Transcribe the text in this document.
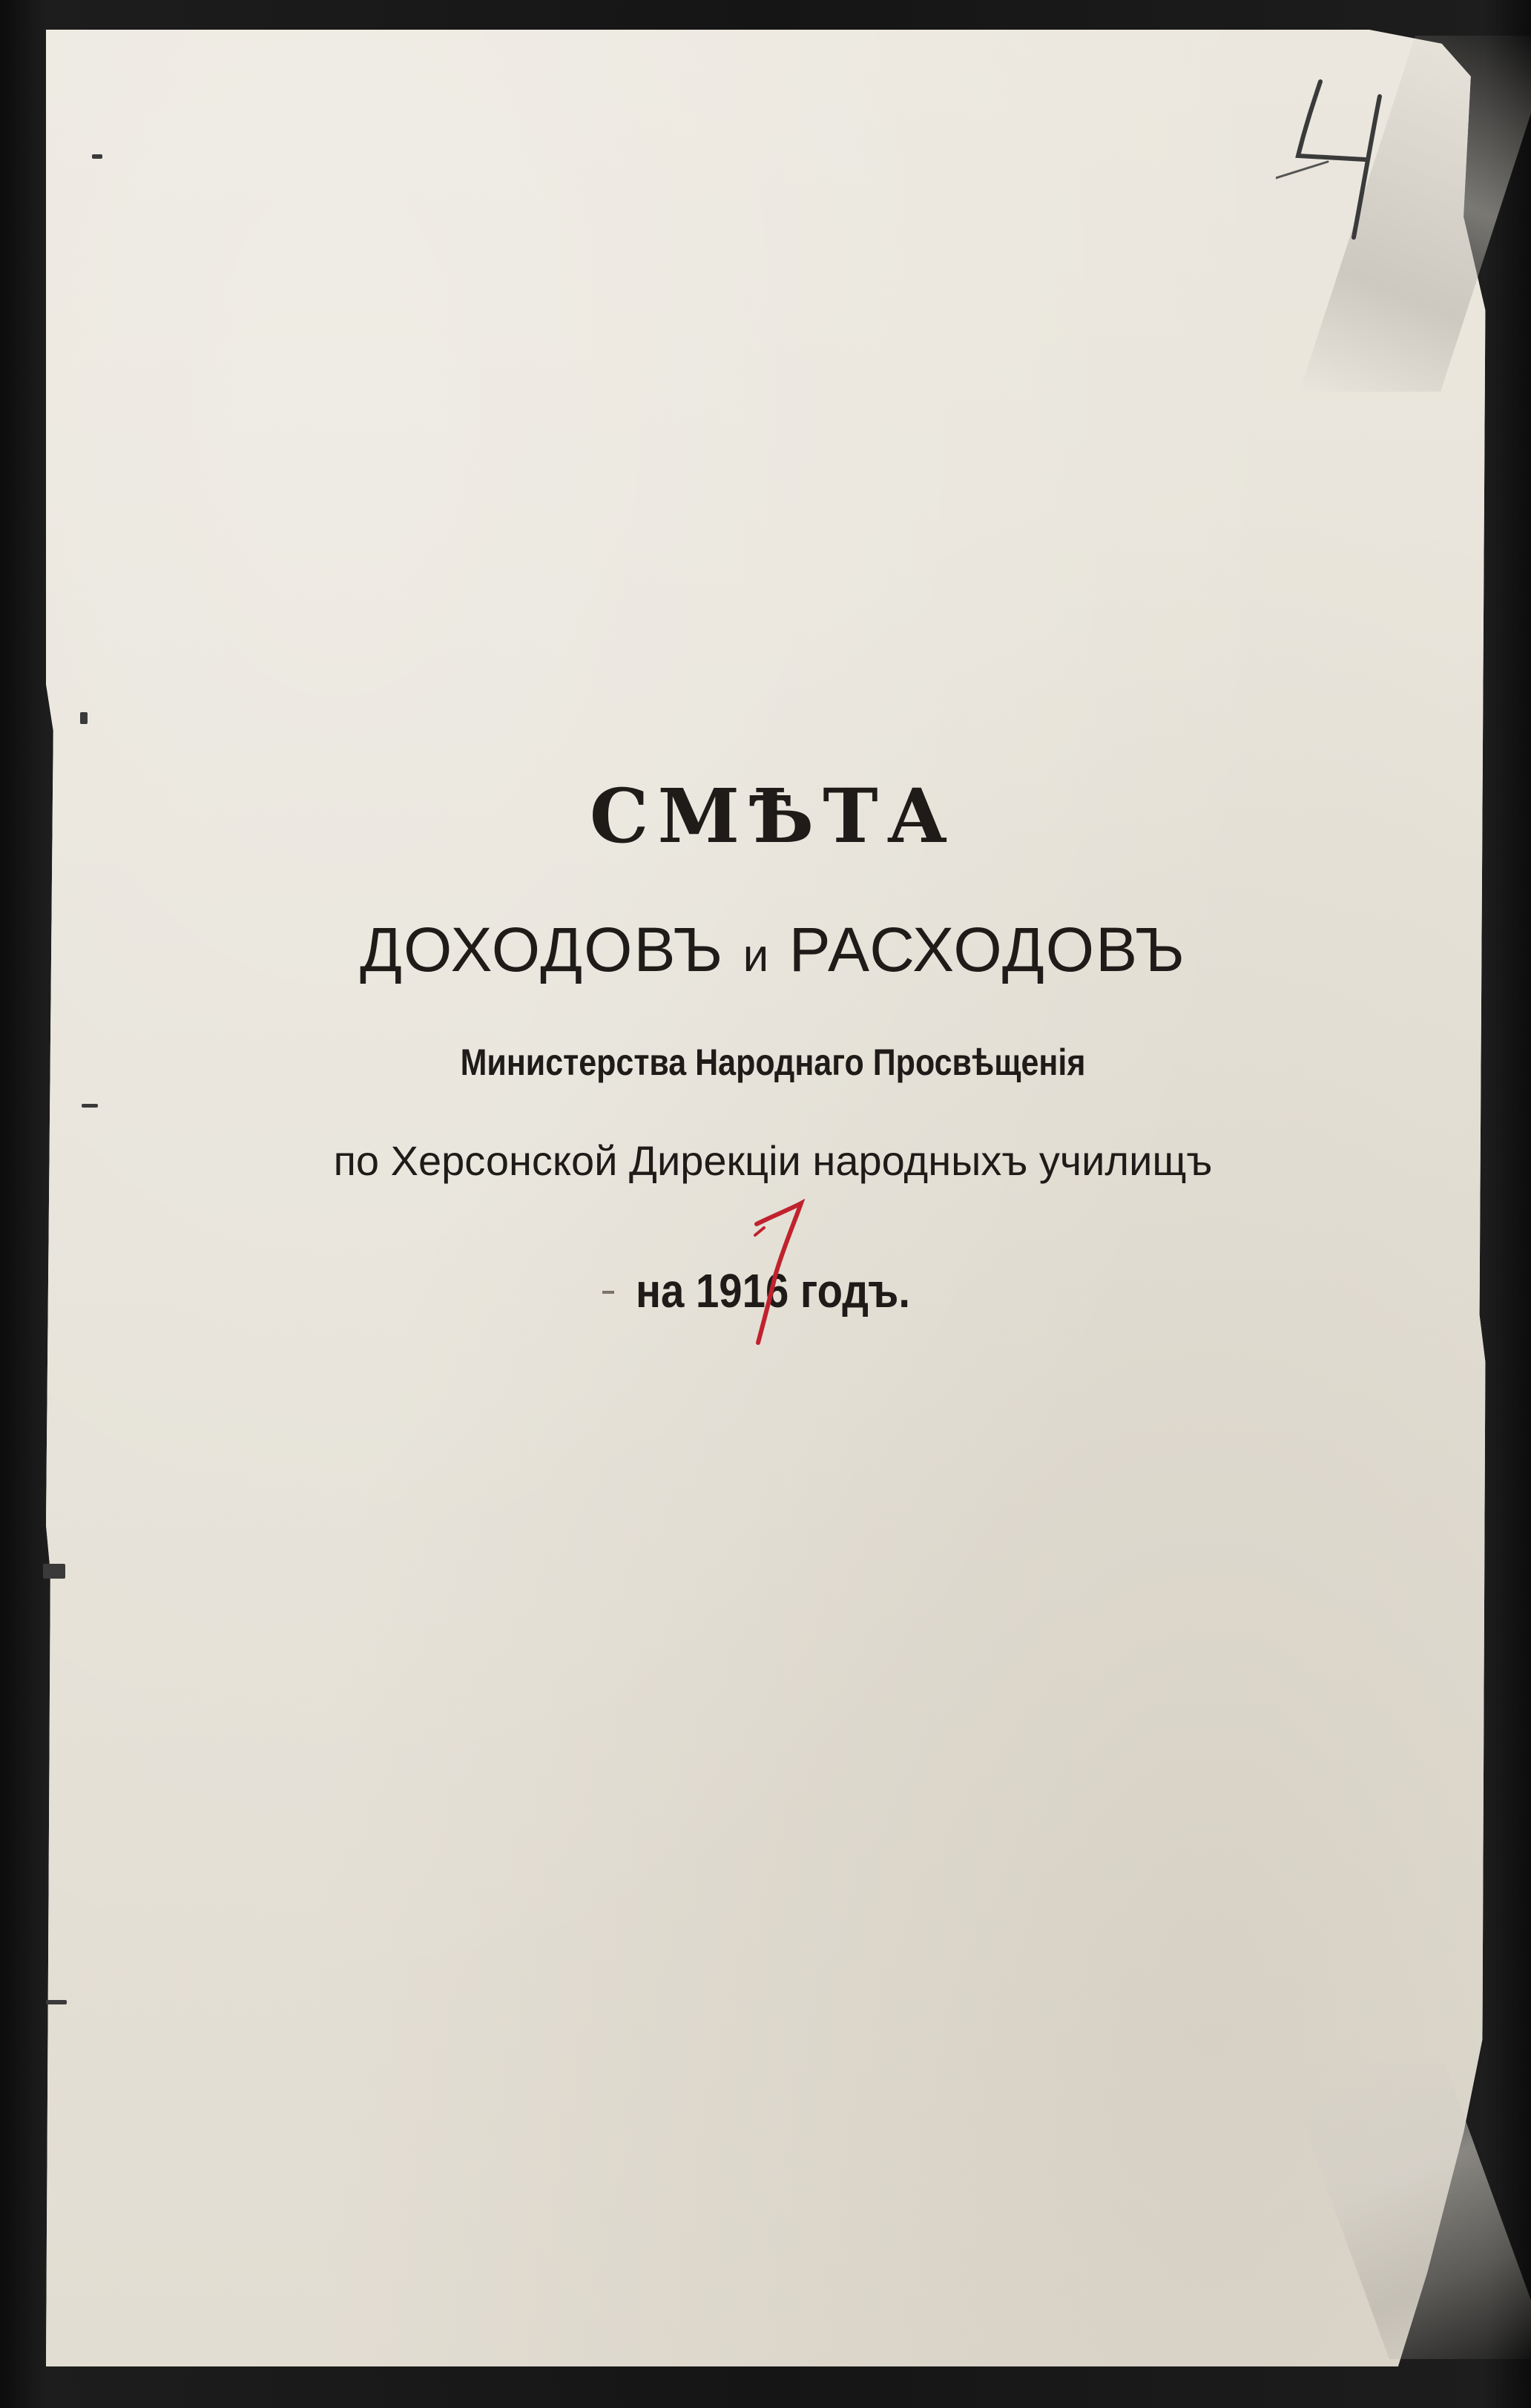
СМѢТА
ДОХОДОВЪ и РАСХОДОВЪ
Министерства Народнаго Просвѣщенія
по Херсонской Дирекціи народныхъ училищъ
на 1916 годъ.
